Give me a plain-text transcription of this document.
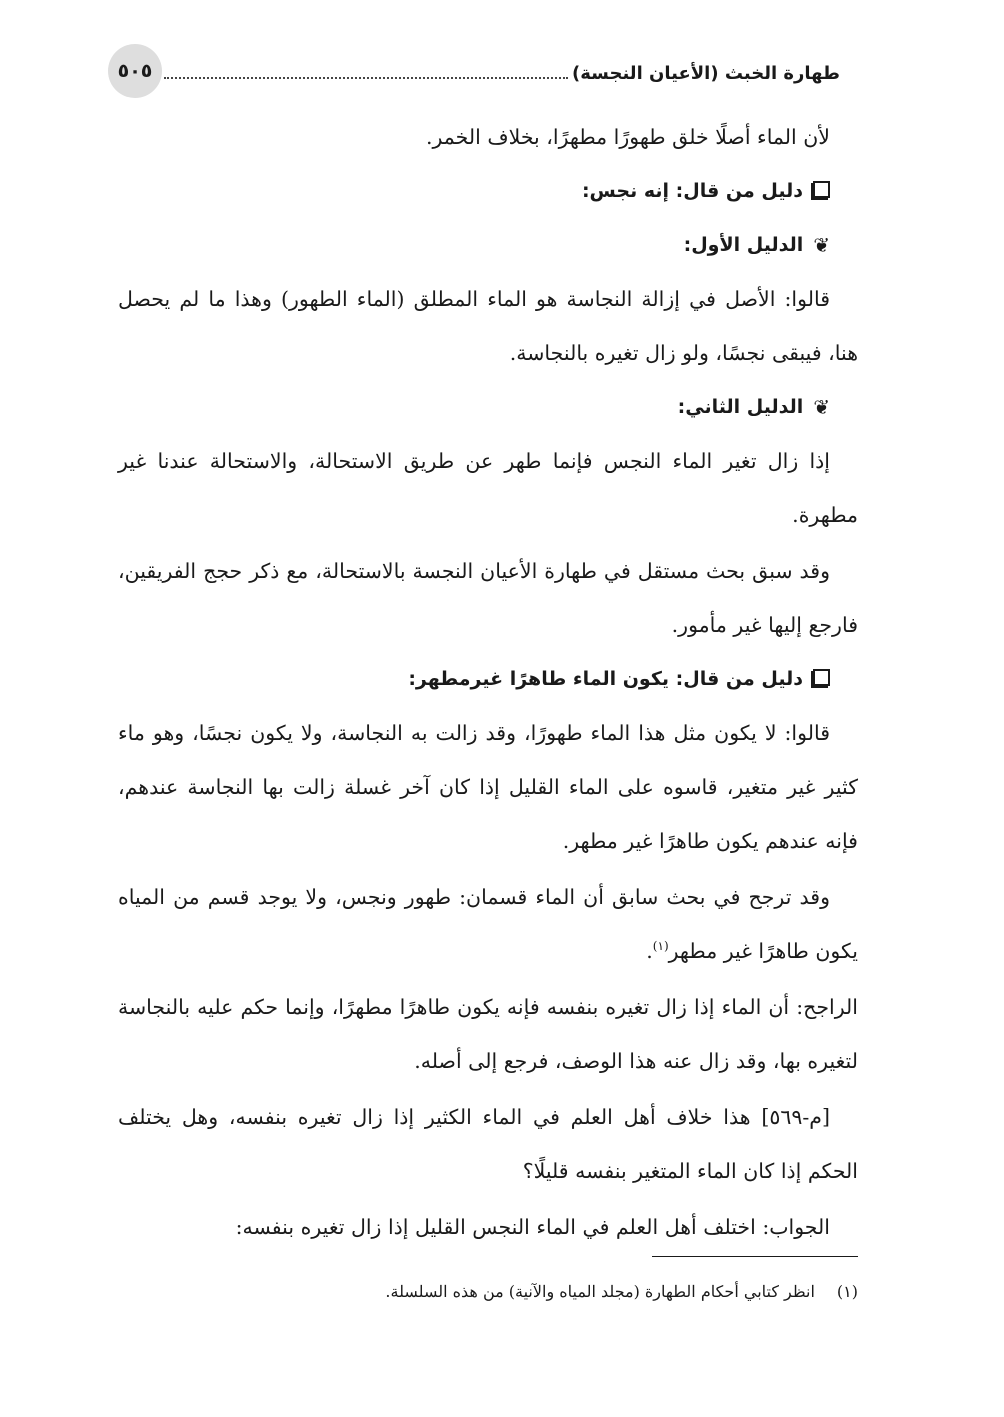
طهارة الخبث (الأعيان النجسة)
٥٠٥

لأن الماء أصلًا خلق طهورًا مطهرًا، بخلاف الخمر.

دليل من قال: إنه نجس:
❦
الدليل الأول:

قالوا: الأصل في إزالة النجاسة هو الماء المطلق (الماء الطهور) وهذا ما لم يحصل هنا، فيبقى نجسًا، ولو زال تغيره بالنجاسة.

❦
الدليل الثاني:

إذا زال تغير الماء النجس فإنما طهر عن طريق الاستحالة، والاستحالة عندنا غير مطهرة.

وقد سبق بحث مستقل في طهارة الأعيان النجسة بالاستحالة، مع ذكر حجج الفريقين، فارجع إليها غير مأمور.

دليل من قال: يكون الماء طاهرًا غيرمطهر:

قالوا: لا يكون مثل هذا الماء طهورًا، وقد زالت به النجاسة، ولا يكون نجسًا، وهو ماء كثير غير متغير، قاسوه على الماء القليل إذا كان آخر غسلة زالت بها النجاسة عندهم، فإنه عندهم يكون طاهرًا غير مطهر.

وقد ترجح في بحث سابق أن الماء قسمان: طهور ونجس، ولا يوجد قسم من المياه يكون طاهرًا غير مطهر$^{(١)}$.

الراجح: أن الماء إذا زال تغيره بنفسه فإنه يكون طاهرًا مطهرًا، وإنما حكم عليه بالنجاسة لتغيره بها، وقد زال عنه هذا الوصف، فرجع إلى أصله.

[م-٥٦٩] هذا خلاف أهل العلم في الماء الكثير إذا زال تغيره بنفسه، وهل يختلف الحكم إذا كان الماء المتغير بنفسه قليلًا؟

الجواب: اختلف أهل العلم في الماء النجس القليل إذا زال تغيره بنفسه:

(١)
انظر كتابي أحكام الطهارة (مجلد المياه والآنية) من هذه السلسلة.
